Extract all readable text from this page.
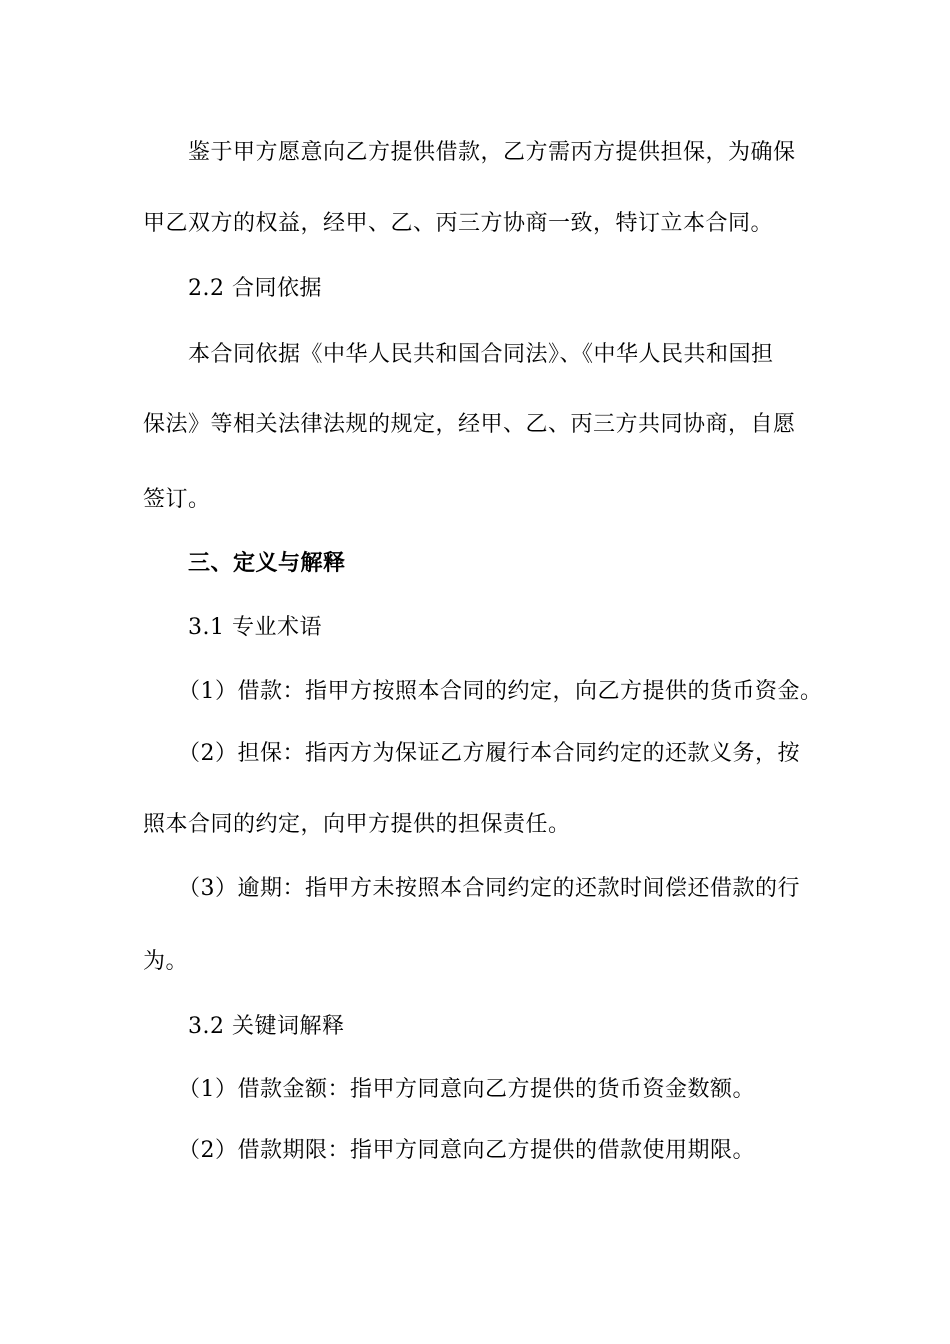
鉴于甲方愿意向乙方提供借款，乙方需丙方提供担保，为确保
甲乙双方的权益，经甲、乙、丙三方协商一致，特订立本合同。
2.2 合同依据
本合同依据《中华人民共和国合同法》、《中华人民共和国担
保法》等相关法律法规的规定，经甲、乙、丙三方共同协商，自愿
签订。
三、定义与解释
3.1 专业术语
（1）借款：指甲方按照本合同的约定，向乙方提供的货币资金。
（2）担保：指丙方为保证乙方履行本合同约定的还款义务，按
照本合同的约定，向甲方提供的担保责任。
（3）逾期：指甲方未按照本合同约定的还款时间偿还借款的行
为。
3.2 关键词解释
（1）借款金额：指甲方同意向乙方提供的货币资金数额。
（2）借款期限：指甲方同意向乙方提供的借款使用期限。
